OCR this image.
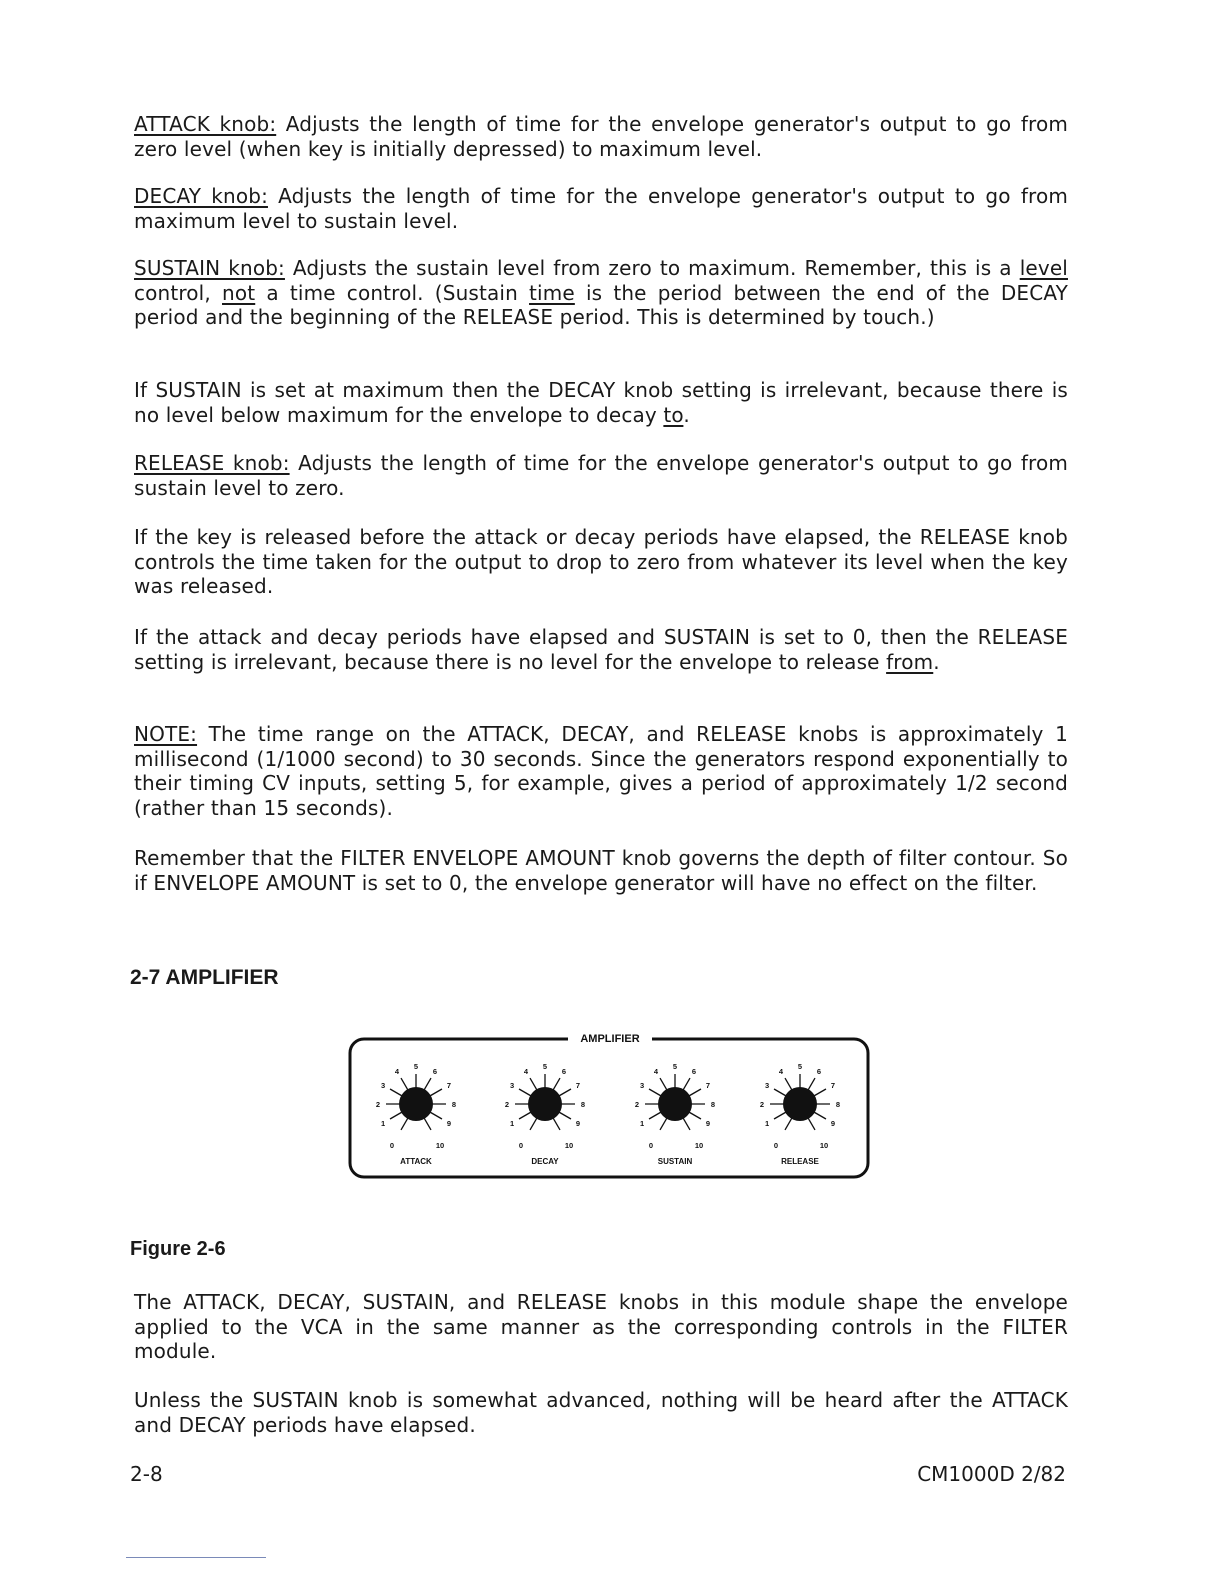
ATTACK knob: Adjusts the length of time for the envelope generator's output to go from zero level (when key is initially depressed) to maximum level.

DECAY knob: Adjusts the length of time for the envelope generator's output to go from maximum level to sustain level.

SUSTAIN knob: Adjusts the sustain level from zero to maximum. Remember, this is a level control, not a time control. (Sustain time is the period between the end of the DECAY period and the beginning of the RELEASE period. This is determined by touch.)

If SUSTAIN is set at maximum then the DECAY knob setting is irrelevant, because there is no level below maximum for the envelope to decay to.

RELEASE knob: Adjusts the length of time for the envelope generator's output to go from sustain level to zero.

If the key is released before the attack or decay periods have elapsed, the RELEASE knob controls the time taken for the output to drop to zero from whatever its level when the key was released.

If the attack and decay periods have elapsed and SUSTAIN is set to 0, then the RELEASE setting is irrelevant, because there is no level for the envelope to release from.

NOTE: The time range on the ATTACK, DECAY, and RELEASE knobs is approximately 1 millisecond (1/1000 second) to 30 seconds. Since the generators respond exponentially to their timing CV inputs, setting 5, for example, gives a period of approximately 1/2 second (rather than 15 seconds).

Remember that the FILTER ENVELOPE AMOUNT knob governs the depth of filter contour. So if ENVELOPE AMOUNT is set to 0, the envelope generator will have no effect on the filter.

2-7 AMPLIFIER
AMPLIFIER
0
1
2
3
4
5
6
7
8
9
10
ATTACK
0
1
2
3
4
5
6
7
8
9
10
DECAY
0
1
2
3
4
5
6
7
8
9
10
SUSTAIN
0
1
2
3
4
5
6
7
8
9
10
RELEASE

Figure 2-6

The ATTACK, DECAY, SUSTAIN, and RELEASE knobs in this module shape the envelope applied to the VCA in the same manner as the corresponding controls in the FILTER module.

Unless the SUSTAIN knob is somewhat advanced, nothing will be heard after the ATTACK and DECAY periods have elapsed.

2-8	CM1000D 2/82
